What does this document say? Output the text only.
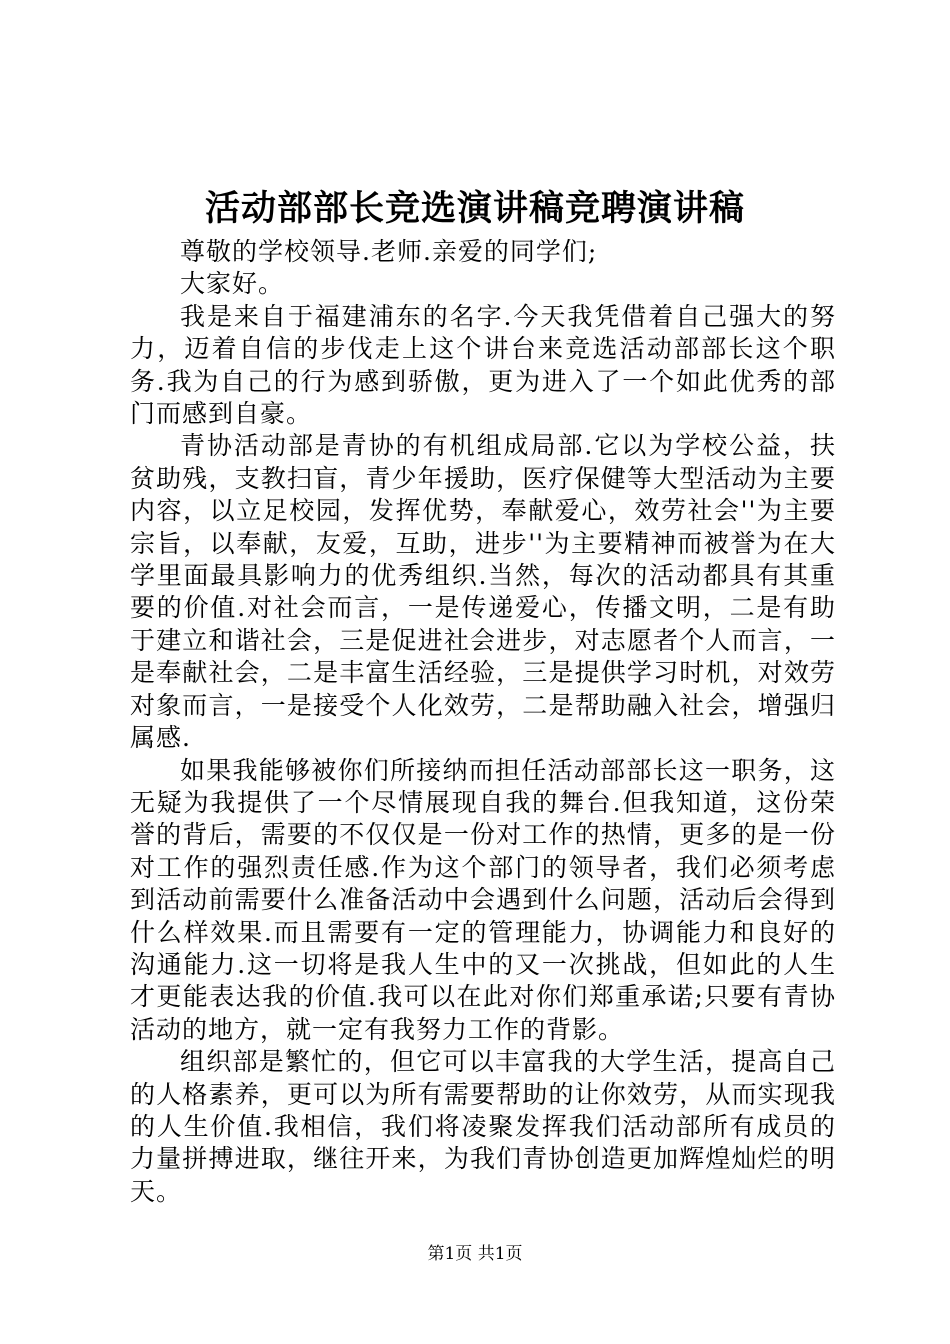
活动部部长竞选演讲稿竞聘演讲稿

尊敬的学校领导.老师.亲爱的同学们;

大家好。

我是来自于福建浦东的名字.今天我凭借着自己强大的努力，迈着自信的步伐走上这个讲台来竞选活动部部长这个职务.我为自己的行为感到骄傲，更为进入了一个如此优秀的部门而感到自豪。

青协活动部是青协的有机组成局部.它以为学校公益，扶贫助残，支教扫盲，青少年援助，医疗保健等大型活动为主要内容，以立足校园，发挥优势，奉献爱心，效劳社会''为主要宗旨，以奉献，友爱，互助，进步''为主要精神而被誉为在大学里面最具影响力的优秀组织.当然，每次的活动都具有其重要的价值.对社会而言，一是传递爱心，传播文明，二是有助于建立和谐社会，三是促进社会进步，对志愿者个人而言，一是奉献社会，二是丰富生活经验，三是提供学习时机，对效劳对象而言，一是接受个人化效劳，二是帮助融入社会，增强归属感.

如果我能够被你们所接纳而担任活动部部长这一职务，这无疑为我提供了一个尽情展现自我的舞台.但我知道，这份荣誉的背后，需要的不仅仅是一份对工作的热情，更多的是一份对工作的强烈责任感.作为这个部门的领导者，我们必须考虑到活动前需要什么准备活动中会遇到什么问题，活动后会得到什么样效果.而且需要有一定的管理能力，协调能力和良好的沟通能力.这一切将是我人生中的又一次挑战，但如此的人生才更能表达我的价值.我可以在此对你们郑重承诺;只要有青协活动的地方，就一定有我努力工作的背影。

组织部是繁忙的，但它可以丰富我的大学生活，提高自己的人格素养，更可以为所有需要帮助的让你效劳，从而实现我的人生价值.我相信，我们将凌聚发挥我们活动部所有成员的力量拼搏进取，继往开来，为我们青协创造更加辉煌灿烂的明天。

第1页 共1页
